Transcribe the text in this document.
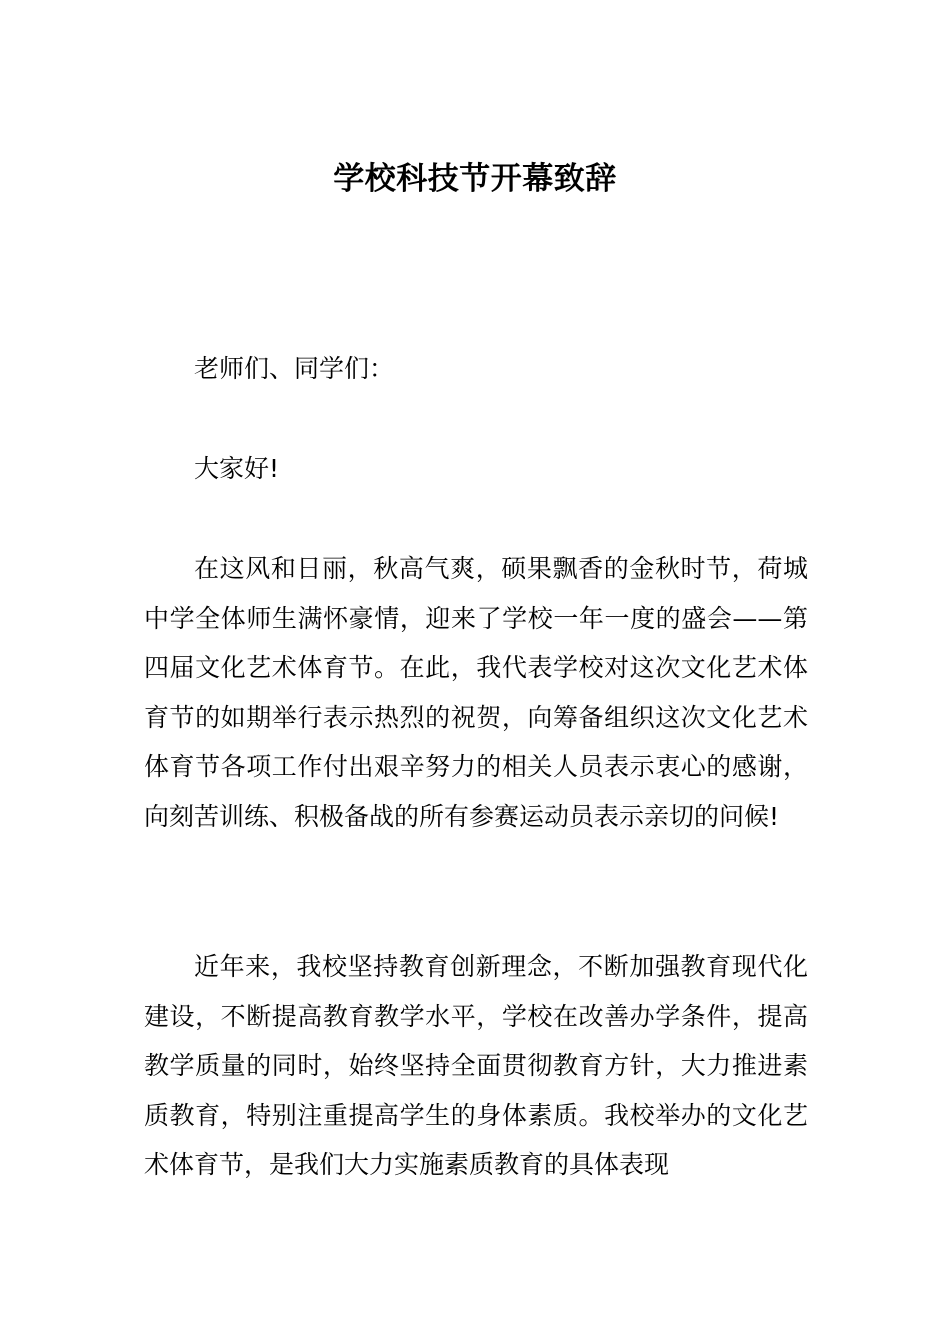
学校科技节开幕致辞

老师们、同学们：

大家好!

在这风和日丽，秋高气爽，硕果飘香的金秋时节，荷城中学全体师生满怀豪情，迎来了学校一年一度的盛会——第四届文化艺术体育节。在此，我代表学校对这次文化艺术体育节的如期举行表示热烈的祝贺，向筹备组织这次文化艺术体育节各项工作付出艰辛努力的相关人员表示衷心的感谢，向刻苦训练、积极备战的所有参赛运动员表示亲切的问候!

近年来，我校坚持教育创新理念，不断加强教育现代化建设，不断提高教育教学水平，学校在改善办学条件，提高教学质量的同时，始终坚持全面贯彻教育方针，大力推进素质教育，特别注重提高学生的身体素质。我校举办的文化艺术体育节，是我们大力实施素质教育的具体表现
